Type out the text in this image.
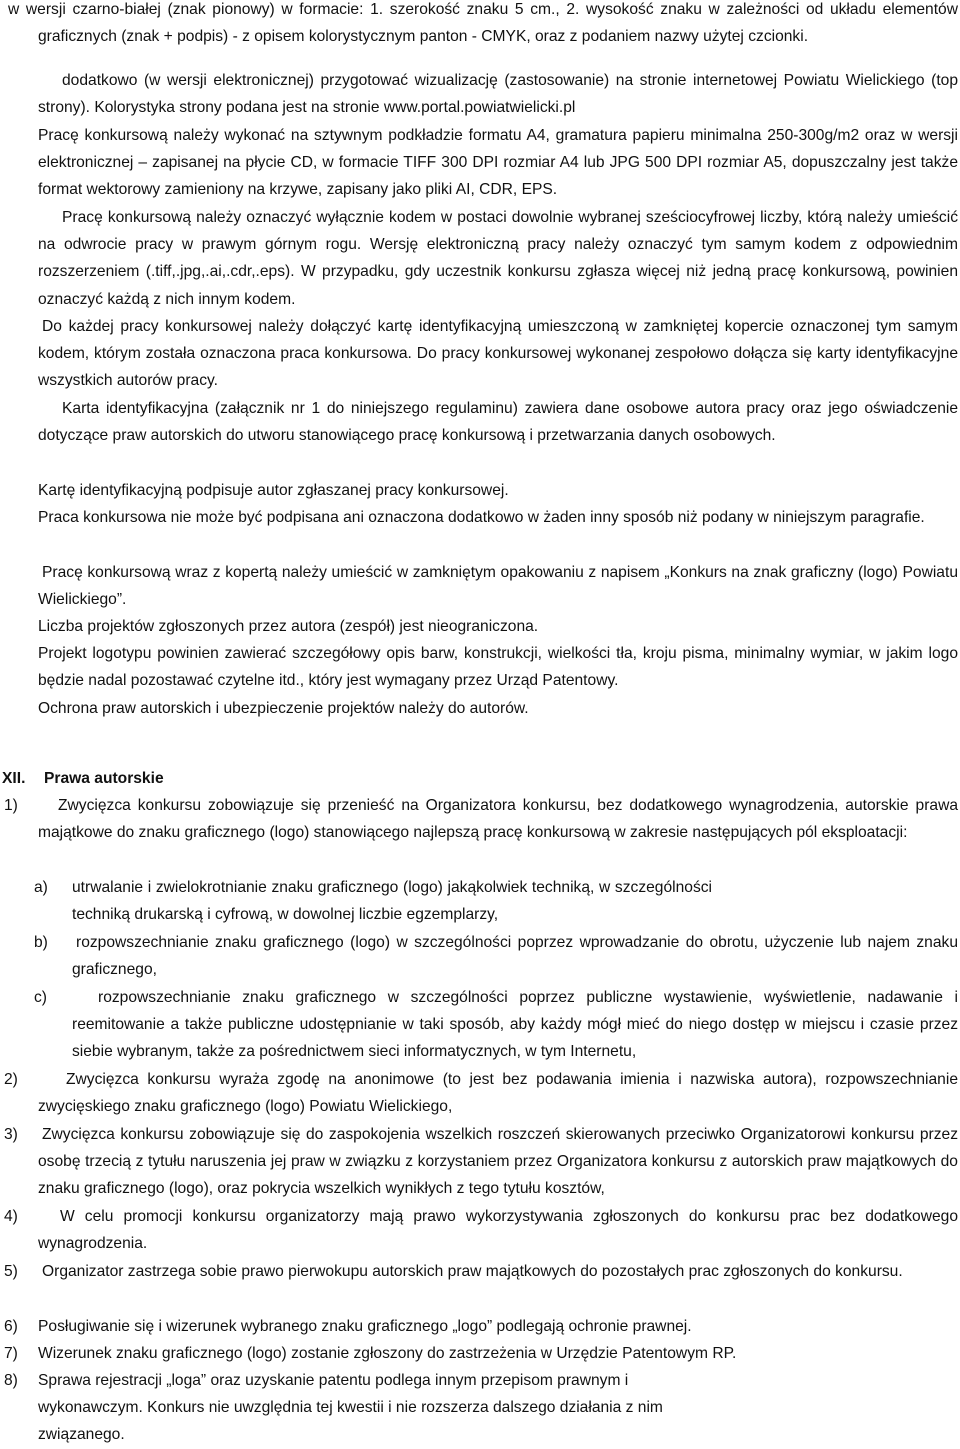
w wersji czarno-białej (znak pionowy) w formacie: 1. szerokość znaku 5 cm., 2. wysokość znaku w zależności od układu elementów graficznych (znak + podpis) - z opisem kolorystycznym panton - CMYK, oraz z podaniem nazwy użytej czcionki.

dodatkowo (w wersji elektronicznej) przygotować wizualizację (zastosowanie) na stronie internetowej Powiatu Wielickiego (top strony). Kolorystyka strony podana jest na stronie www.portal.powiatwielicki.pl

Pracę konkursową należy wykonać na sztywnym podkładzie formatu A4, gramatura papieru minimalna 250-300g/m2 oraz w wersji elektronicznej – zapisanej na płycie CD, w formacie TIFF 300 DPI rozmiar A4 lub JPG 500 DPI rozmiar A5, dopuszczalny jest także format wektorowy zamieniony na krzywe, zapisany jako pliki AI, CDR, EPS.

Pracę konkursową należy oznaczyć wyłącznie kodem w postaci dowolnie wybranej sześciocyfrowej liczby, którą należy umieścić na odwrocie pracy w prawym górnym rogu. Wersję elektroniczną pracy należy oznaczyć tym samym kodem z odpowiednim rozszerzeniem (.tiff,.jpg,.ai,.cdr,.eps). W przypadku, gdy uczestnik konkursu zgłasza więcej niż jedną pracę konkursową, powinien oznaczyć każdą z nich innym kodem.

Do każdej pracy konkursowej należy dołączyć kartę identyfikacyjną umieszczoną w zamkniętej kopercie oznaczonej tym samym kodem, którym została oznaczona praca konkursowa. Do pracy konkursowej wykonanej zespołowo dołącza się karty identyfikacyjne wszystkich autorów pracy.

Karta identyfikacyjna (załącznik nr 1 do niniejszego regulaminu) zawiera dane osobowe autora pracy oraz jego oświadczenie dotyczące praw autorskich do utworu stanowiącego pracę konkursową i przetwarzania danych osobowych.

Kartę identyfikacyjną podpisuje autor zgłaszanej pracy konkursowej.

Praca konkursowa nie może być podpisana ani oznaczona dodatkowo w żaden inny sposób niż podany w niniejszym paragrafie.

Pracę konkursową wraz z kopertą należy umieścić w zamkniętym opakowaniu z napisem „Konkurs na znak graficzny (logo) Powiatu Wielickiego”.

Liczba projektów zgłoszonych przez autora (zespół) jest nieograniczona.

Projekt logotypu powinien zawierać szczegółowy opis barw, konstrukcji, wielkości tła, kroju pisma, minimalny wymiar, w jakim logo będzie nadal pozostawać czytelne itd., który jest wymagany przez Urząd Patentowy.

Ochrona praw autorskich i ubezpieczenie projektów należy do autorów.

XII. Prawa autorskie

1)	Zwycięzca konkursu zobowiązuje się przenieść na Organizatora konkursu, bez dodatkowego wynagrodzenia, autorskie prawa majątkowe do znaku graficznego (logo) stanowiącego najlepszą pracę konkursową w zakresie następujących pól eksploatacji:

a) utrwalanie i zwielokrotnianie znaku graficznego (logo) jakąkolwiek techniką, w szczególności techniką drukarską i cyfrową, w dowolnej liczbie egzemplarzy,

b) rozpowszechnianie znaku graficznego (logo) w szczególności poprzez wprowadzanie do obrotu, użyczenie lub najem znaku graficznego,

c)	rozpowszechnianie znaku graficznego w szczególności poprzez publiczne wystawienie, wyświetlenie, nadawanie i reemitowanie a także publiczne udostępnianie w taki sposób, aby każdy mógł mieć do niego dostęp w miejscu i czasie przez siebie wybranym, także za pośrednictwem sieci informatycznych, w tym Internetu,

2)	Zwycięzca konkursu wyraża zgodę na anonimowe (to jest bez podawania imienia i nazwiska autora), rozpowszechnianie zwycięskiego znaku graficznego (logo) Powiatu Wielickiego,

3) Zwycięzca konkursu zobowiązuje się do zaspokojenia wszelkich roszczeń skierowanych przeciwko Organizatorowi konkursu przez osobę trzecią z tytułu naruszenia jej praw w związku z korzystaniem przez Organizatora konkursu z autorskich praw majątkowych do znaku graficznego (logo), oraz pokrycia wszelkich wynikłych z tego tytułu kosztów,

4)	W celu promocji konkursu organizatorzy mają prawo wykorzystywania zgłoszonych do konkursu prac bez dodatkowego wynagrodzenia.

5) Organizator zastrzega sobie prawo pierwokupu autorskich praw majątkowych do pozostałych prac zgłoszonych do konkursu.

6) Posługiwanie się i wizerunek wybranego znaku graficznego „logo” podlegają ochronie prawnej.

7) Wizerunek znaku graficznego (logo) zostanie zgłoszony do zastrzeżenia w Urzędzie Patentowym RP.

8) Sprawa rejestracji „loga” oraz uzyskanie patentu podlega innym przepisom prawnym i wykonawczym. Konkurs nie uwzględnia tej kwestii i nie rozszerza dalszego działania z nim związanego.
